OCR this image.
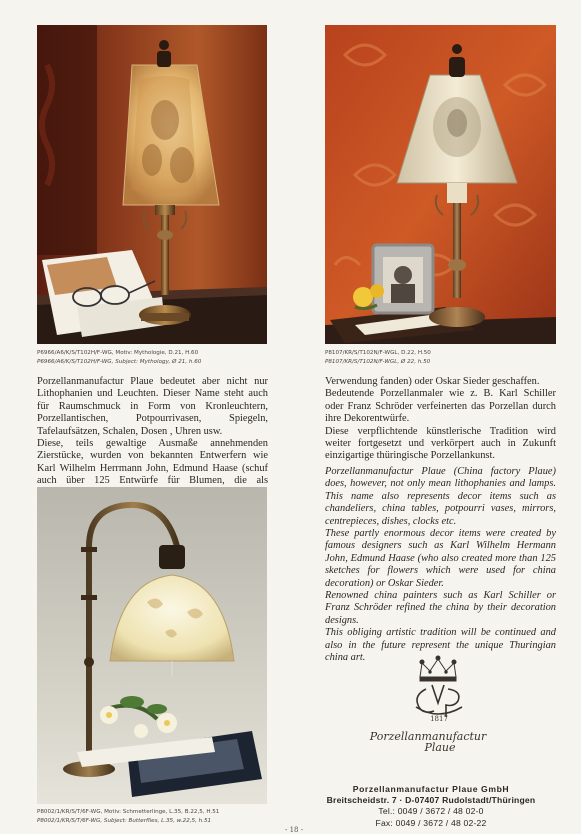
P6966/A6/K/S/T102H/F-WG, Motiv: Mythologie, D.21, H.60
P6966/A6/K/S/T102H/F-WG, Subject: Mythology, Ø 21, h.60
P8107/KR/S/T102N/F-WGL, D.22, H.50
P8107/KR/S/T102N/F-WGL, Ø 22, h.50

Porzellanmanufactur Plaue bedeutet aber nicht nur Lithophanien und Leuchten. Dieser Name steht auch für Raumschmuck in Form von Kronleuchtern, Porzellantischen, Potpourrivasen, Spiegeln, Tafelaufsätzen, Schalen, Dosen , Uhren usw.

Diese, teils gewaltige Ausmaße annehmenden Zierstücke, wurden von bekannten Entwerfern wie Karl Wilhelm Herrmann John, Edmund Haase (schuf auch über 125 Entwürfe für Blumen, die als

Verwendung fanden) oder Oskar Sieder geschaffen.

Bedeutende Porzellanmaler wie z. B. Karl Schiller oder Franz Schröder verfeinerten das Porzellan durch ihre Dekorentwürfe.

Diese verpflichtende künstlerische Tradition wird weiter fortgesetzt und verkörpert auch in Zukunft einzigartige thüringische Porzellankunst.

Porzellanmanufactur Plaue (China factory Plaue) does, however, not only mean lithophanies and lamps. This name also represents decor items such as chandeliers, china tables, potpourri vases, mirrors, centrepieces, dishes, clocks etc.

These partly enormous decor items were created by famous designers such as Karl Wilhelm Hermann John, Edmund Haase (who also created more than 125 sketches for flowers which were used for china decoration) or Oskar Sieder.

Renowned china painters such as Karl Schiller or Franz Schröder refined the china by their decoration designs.

This obliging artistic tradition will be continued and also in the future represent the unique Thuringian china art.

P8002/1/KR/S/T/6F-WG, Motiv: Schmetterlinge, L.35, B.22,5, H.51
P8002/1/KR/S/T/6F-WG, Subject: Butterflies, L.35, w.22,5, h.51
1817
Porzellanmanufactur
Plaue
Porzellanmanufactur Plaue GmbH
Breitscheidstr. 7 · D-07407 Rudolstadt/Thüringen
Tel.: 0049 / 3672 / 48 02-0
Fax: 0049 / 3672 / 48 02-22
- 18 -
